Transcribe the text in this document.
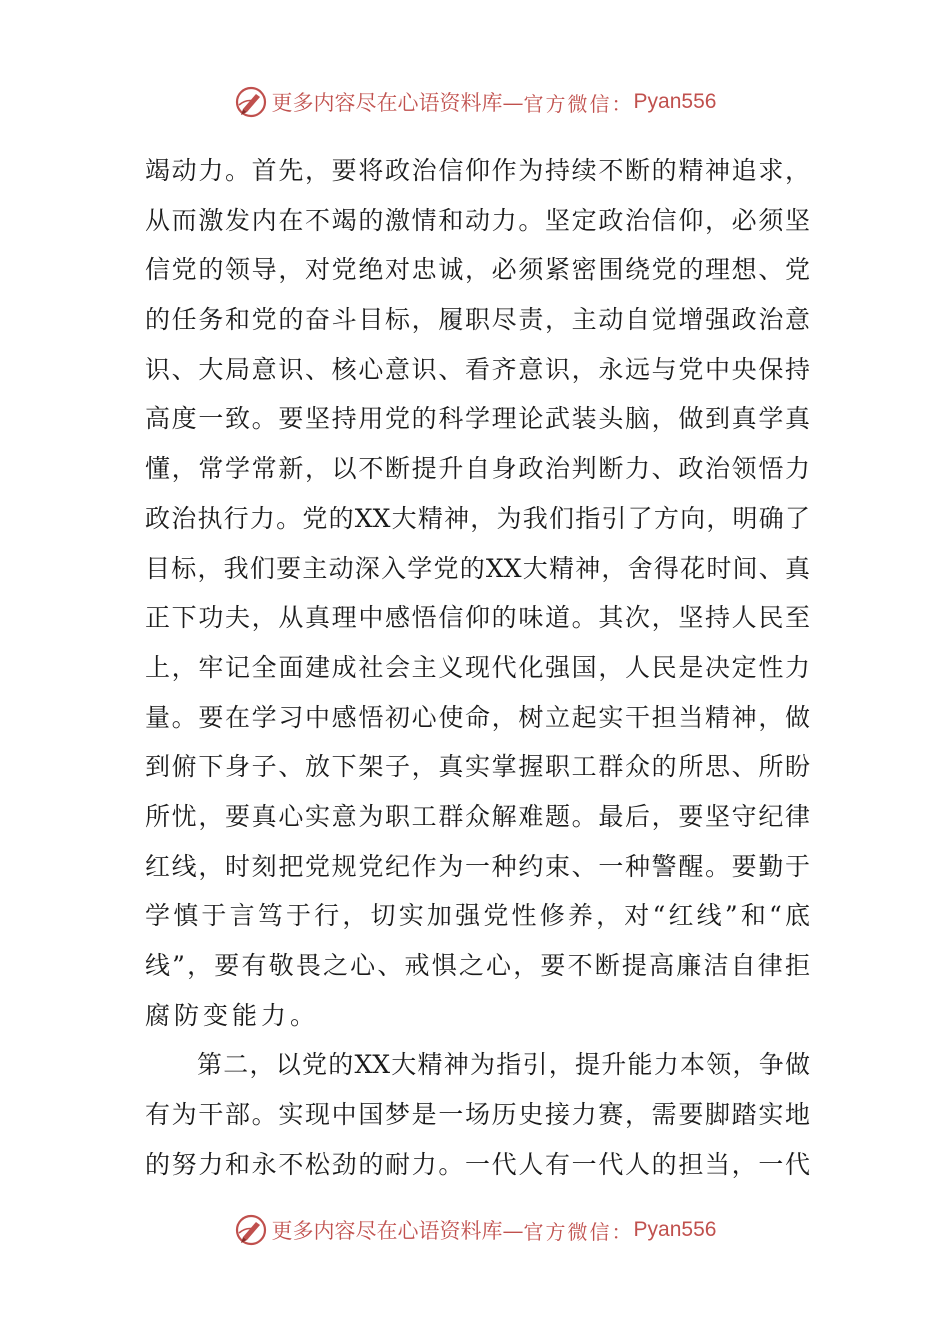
更多内容尽在心语资料库— 官方微信： Pyan556
竭动力。首先，要将政治信仰作为持续不断的精神追求，
从而激发内在不竭的激情和动力。坚定政治信仰，必须坚
信党的领导，对党绝对忠诚，必须紧密围绕党的理想、党
的任务和党的奋斗目标，履职尽责，主动自觉增强政治意
识、大局意识、核心意识、看齐意识，永远与党中央保持
高度一致。要坚持用党的科学理论武装头脑，做到真学真
懂，常学常新，以不断提升自身政治判断力、政治领悟力
政治执行力。党的XX大精神，为我们指引了方向，明确了
目标，我们要主动深入学党的XX大精神，舍得花时间、真
正下功夫，从真理中感悟信仰的味道。其次，坚持人民至
上，牢记全面建成社会主义现代化强国，人民是决定性力
量。要在学习中感悟初心使命，树立起实干担当精神，做
到俯下身子、放下架子，真实掌握职工群众的所思、所盼
所忧，要真心实意为职工群众解难题。最后，要坚守纪律
红线，时刻把党规党纪作为一种约束、一种警醒。要勤于
学慎于言笃于行，切实加强党性修养，对“红线”和“底
线”，要有敬畏之心、戒惧之心，要不断提高廉洁自律拒
腐防变能力。
第二，以党的XX大精神为指引，提升能力本领，争做
有为干部。实现中国梦是一场历史接力赛，需要脚踏实地
的努力和永不松劲的耐力。一代人有一代人的担当，一代
更多内容尽在心语资料库— 官方微信： Pyan556
